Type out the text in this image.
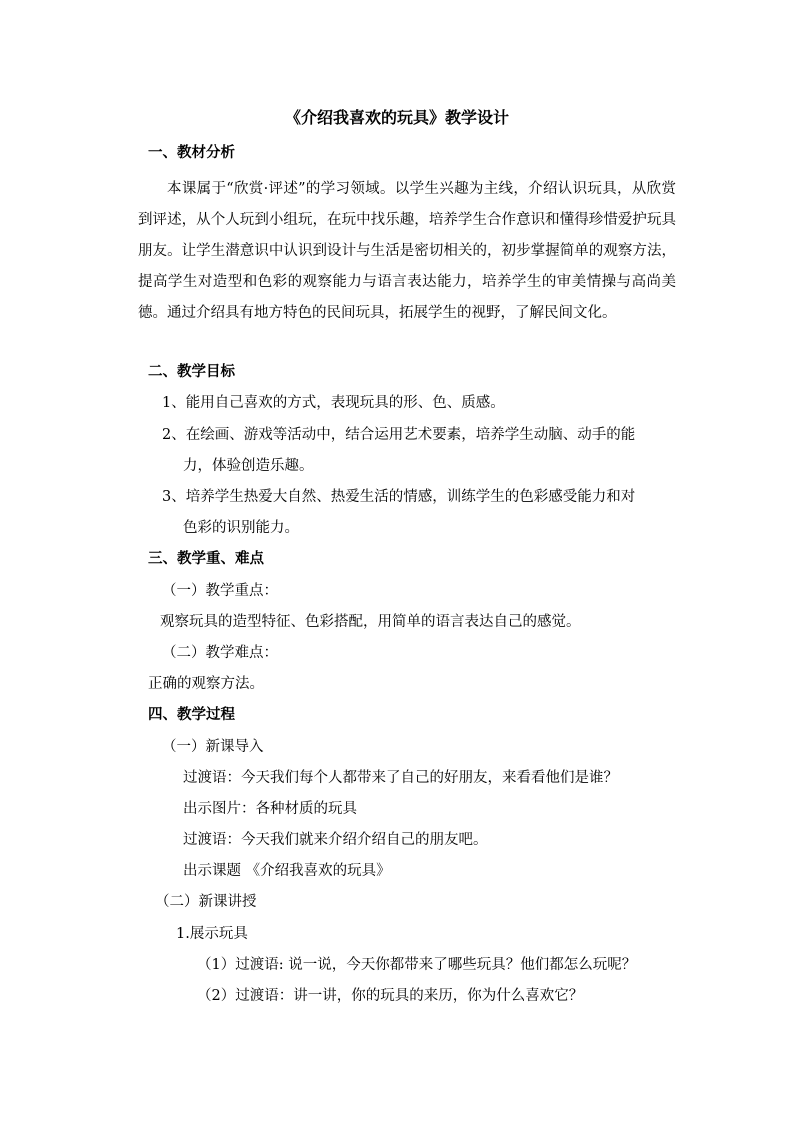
《介绍我喜欢的玩具》教学设计
一、教材分析
本课属于“欣赏·评述”的学习领域。以学生兴趣为主线，介绍认识玩具，从欣赏到评述，从个人玩到小组玩，在玩中找乐趣，培养学生合作意识和懂得珍惜爱护玩具朋友。让学生潜意识中认识到设计与生活是密切相关的，初步掌握简单的观察方法，提高学生对造型和色彩的观察能力与语言表达能力，培养学生的审美情操与高尚美德。通过介绍具有地方特色的民间玩具，拓展学生的视野，了解民间文化。
二、教学目标
1、能用自己喜欢的方式，表现玩具的形、色、质感。
2、在绘画、游戏等活动中，结合运用艺术要素，培养学生动脑、动手的能
力，体验创造乐趣。
3、培养学生热爱大自然、热爱生活的情感，训练学生的色彩感受能力和对
色彩的识别能力。
三、教学重、难点
（一）教学重点：
观察玩具的造型特征、色彩搭配，用简单的语言表达自己的感觉。
（二）教学难点：
正确的观察方法。
四、教学过程
（一）新课导入
过渡语：今天我们每个人都带来了自己的好朋友，来看看他们是谁？
出示图片：各种材质的玩具
过渡语：今天我们就来介绍介绍自己的朋友吧。
出示课题 《介绍我喜欢的玩具》
（二）新课讲授
1.展示玩具
（1）过渡语: 说一说，今天你都带来了哪些玩具？他们都怎么玩呢？
（2）过渡语：讲一讲，你的玩具的来历，你为什么喜欢它？
